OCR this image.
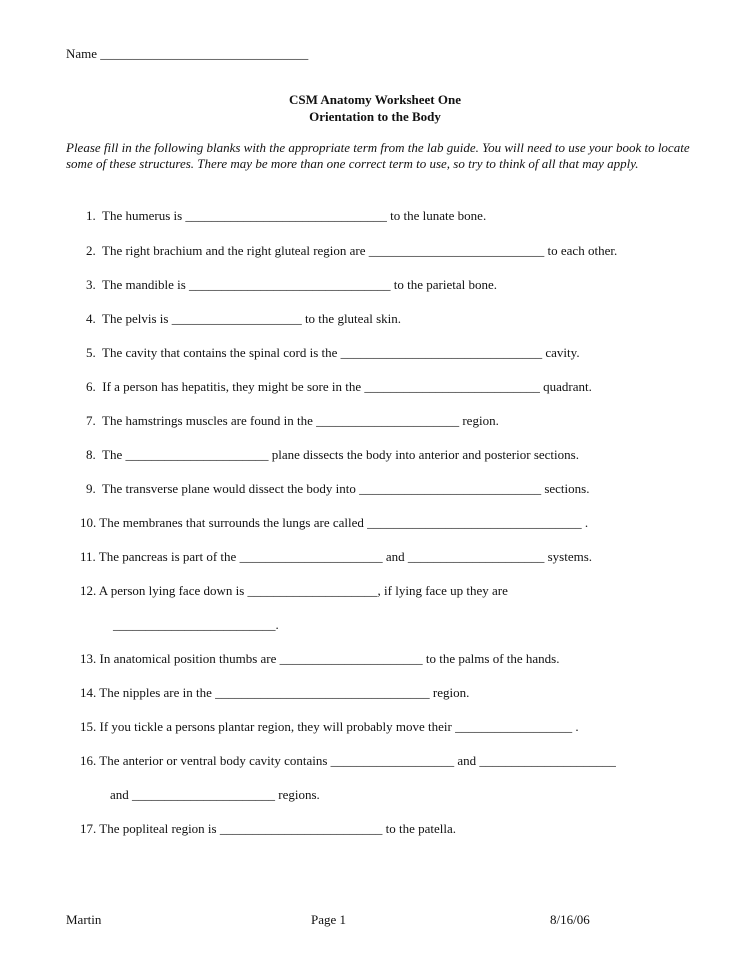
Name ________________________________
CSM Anatomy Worksheet One
Orientation to the Body
Please fill in the following blanks with the appropriate term from the lab guide. You will need to use your book to locate some of these structures. There may be more than one correct term to use, so try to think of all that may apply.
1. The humerus is _______________________________ to the lunate bone.
2. The right brachium and the right gluteal region are ___________________________ to each other.
3. The mandible is _______________________________ to the parietal bone.
4. The pelvis is ____________________ to the gluteal skin.
5. The cavity that contains the spinal cord is the _______________________________ cavity.
6. If a person has hepatitis, they might be sore in the ___________________________ quadrant.
7. The hamstrings muscles are found in the ______________________ region.
8. The ______________________ plane dissects the body into anterior and posterior sections.
9. The transverse plane would dissect the body into ____________________________ sections.
10. The membranes that surrounds the lungs are called _________________________________ .
11. The pancreas is part of the ______________________ and _____________________ systems.
12. A person lying face down is ____________________, if lying face up they are
_________________________.
13. In anatomical position thumbs are ______________________ to the palms of the hands.
14. The nipples are in the _________________________________ region.
15. If you tickle a persons plantar region, they will probably move their __________________ .
16. The anterior or ventral body cavity contains ___________________ and _____________________
and ______________________ regions.
17. The popliteal region is _________________________ to the patella.
Martin	Page 1	8/16/06
